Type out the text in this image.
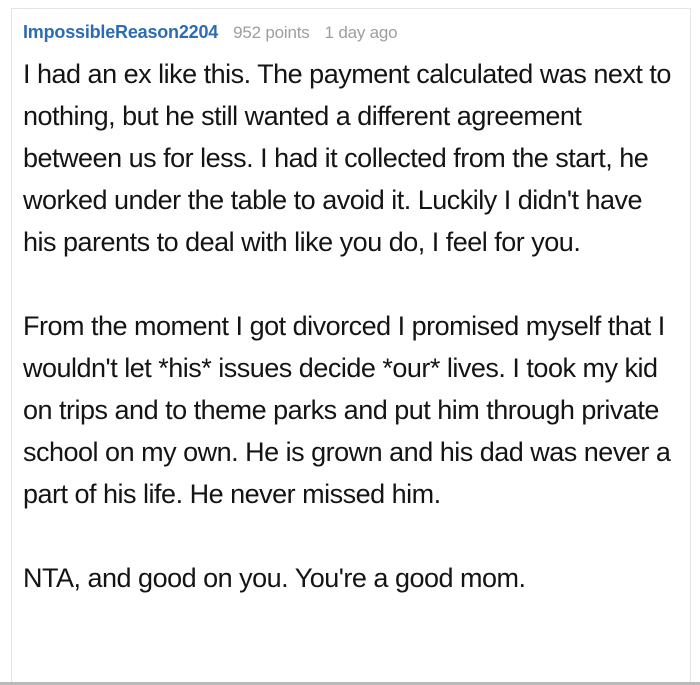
ImpossibleReason2204 952 points 1 day ago

I had an ex like this. The payment calculated was next to nothing, but he still wanted a different agreement between us for less. I had it collected from the start, he worked under the table to avoid it. Luckily I didn't have his parents to deal with like you do, I feel for you.

From the moment I got divorced I promised myself that I wouldn't let *his* issues decide *our* lives. I took my kid on trips and to theme parks and put him through private school on my own. He is grown and his dad was never a part of his life. He never missed him.

NTA, and good on you. You're a good mom.
